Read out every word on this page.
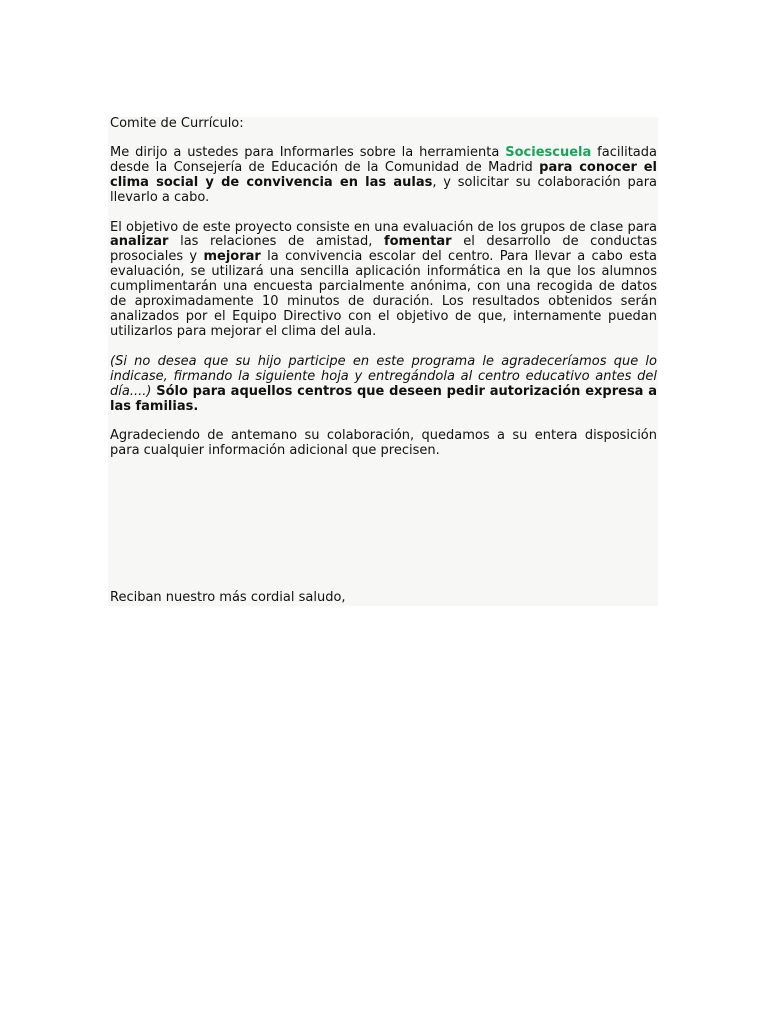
Comite de Currículo:

Me dirijo a ustedes para Informarles sobre la herramienta Sociescuela facilitada desde la Consejería de Educación de la Comunidad de Madrid para conocer el clima social y de convivencia en las aulas, y solicitar su colaboración para llevarlo a cabo.

El objetivo de este proyecto consiste en una evaluación de los grupos de clase para analizar las relaciones de amistad, fomentar el desarrollo de conductas prosociales y mejorar la convivencia escolar del centro. Para llevar a cabo esta evaluación, se utilizará una sencilla aplicación informática en la que los alumnos cumplimentarán una encuesta parcialmente anónima, con una recogida de datos de aproximadamente 10 minutos de duración. Los resultados obtenidos serán analizados por el Equipo Directivo con el objetivo de que, internamente puedan utilizarlos para mejorar el clima del aula.

(Si no desea que su hijo participe en este programa le agradeceríamos que lo indicase, firmando la siguiente hoja y entregándola al centro educativo antes del día....) Sólo para aquellos centros que deseen pedir autorización expresa a las familias.

Agradeciendo de antemano su colaboración, quedamos a su entera disposición para cualquier información adicional que precisen.

Reciban nuestro más cordial saludo,
